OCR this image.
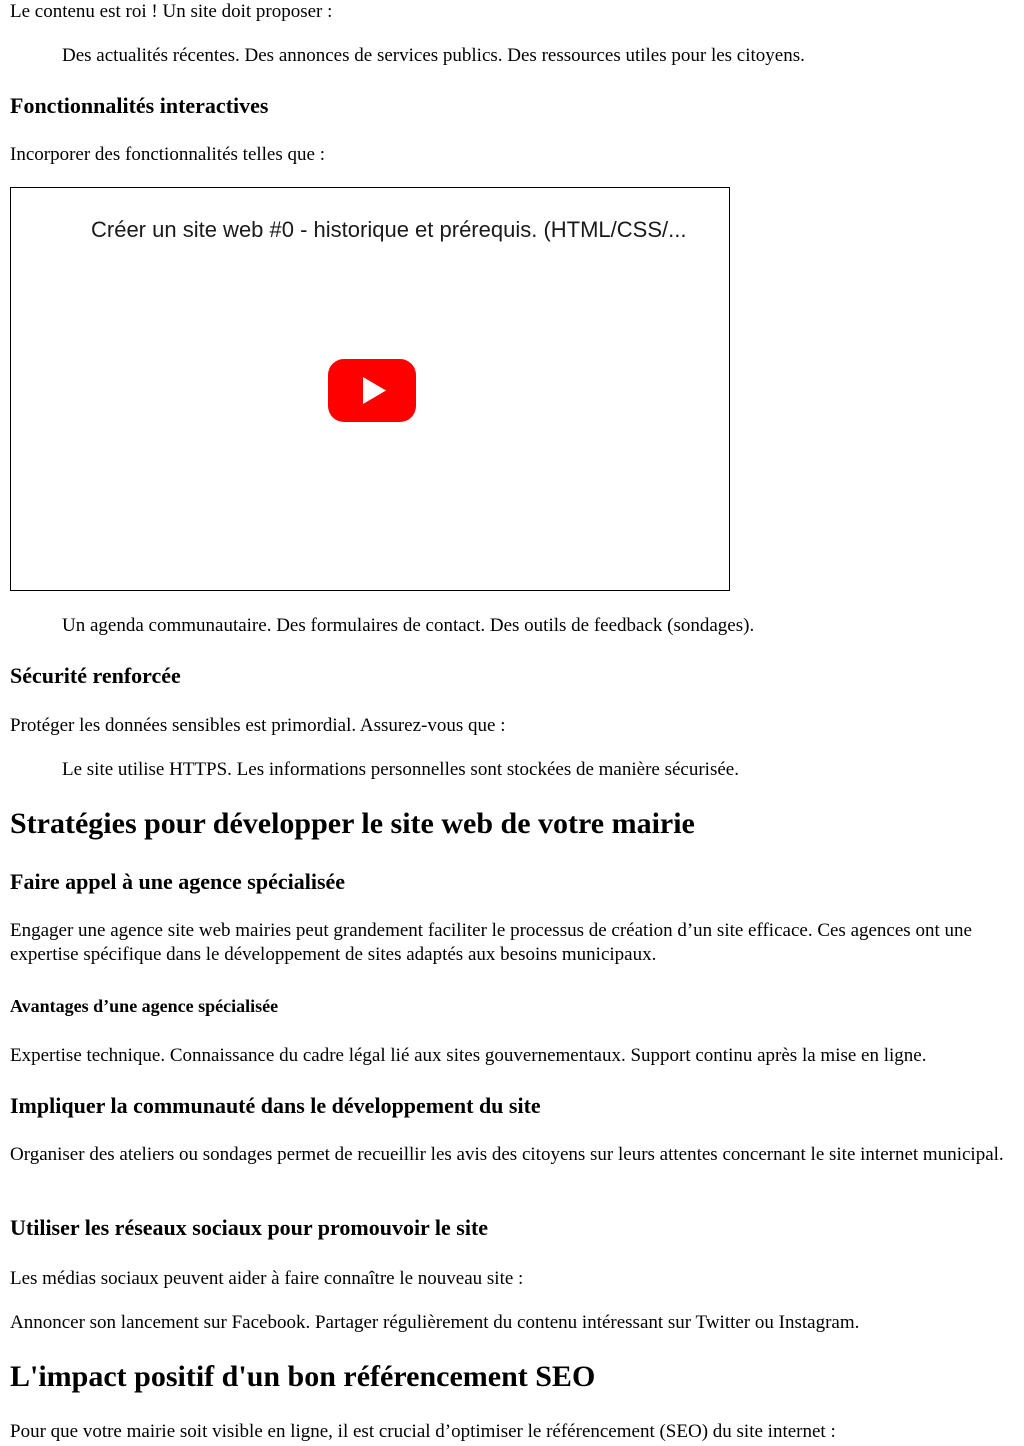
Le contenu est roi ! Un site doit proposer :

Des actualités récentes. Des annonces de services publics. Des ressources utiles pour les citoyens.

Fonctionnalités interactives

Incorporer des fonctionnalités telles que :

Créer un site web #0 - historique et prérequis. (HTML/CSS/...

Un agenda communautaire. Des formulaires de contact. Des outils de feedback (sondages).

Sécurité renforcée

Protéger les données sensibles est primordial. Assurez-vous que :

Le site utilise HTTPS. Les informations personnelles sont stockées de manière sécurisée.

Stratégies pour développer le site web de votre mairie
Faire appel à une agence spécialisée

Engager une agence site web mairies peut grandement faciliter le processus de création d’un site efficace. Ces agences ont une expertise spécifique dans le développement de sites adaptés aux besoins municipaux.

Avantages d’une agence spécialisée

Expertise technique. Connaissance du cadre légal lié aux sites gouvernementaux. Support continu après la mise en ligne.

Impliquer la communauté dans le développement du site

Organiser des ateliers ou sondages permet de recueillir les avis des citoyens sur leurs attentes concernant le site internet municipal.

Utiliser les réseaux sociaux pour promouvoir le site

Les médias sociaux peuvent aider à faire connaître le nouveau site :

Annoncer son lancement sur Facebook. Partager régulièrement du contenu intéressant sur Twitter ou Instagram.

L'impact positif d'un bon référencement SEO

Pour que votre mairie soit visible en ligne, il est crucial d’optimiser le référencement (SEO) du site internet :
